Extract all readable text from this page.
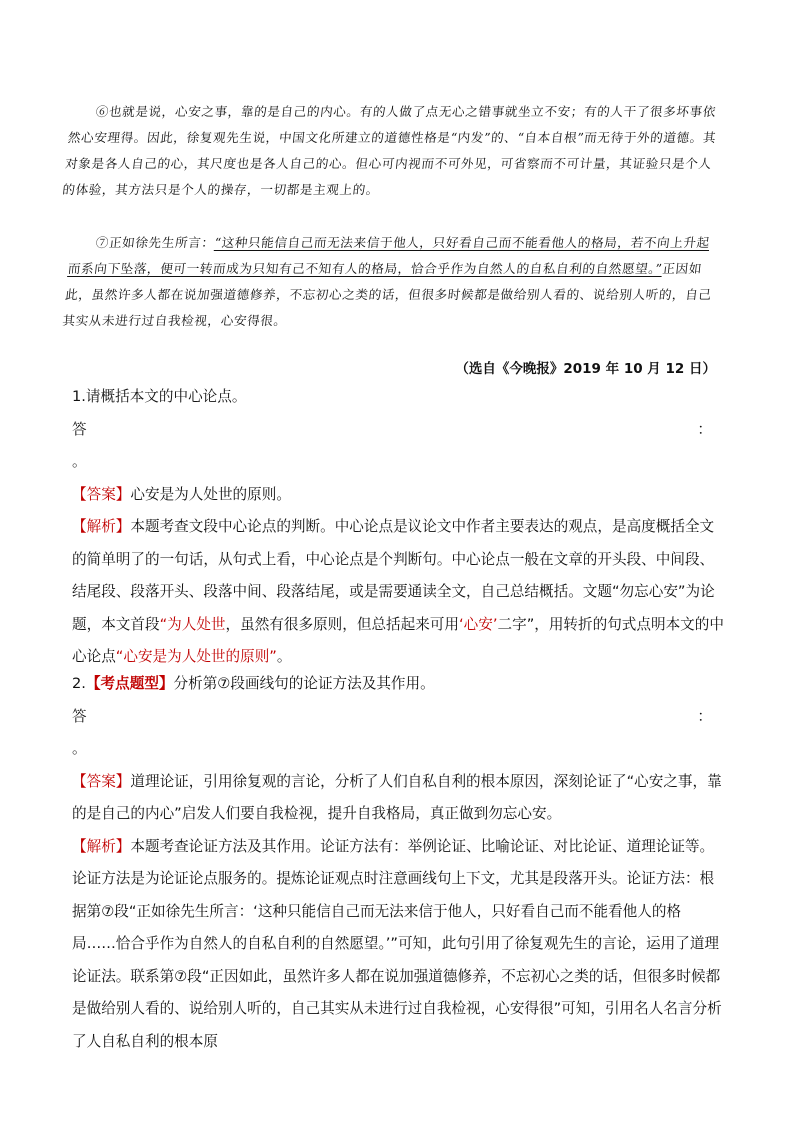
⑥也就是说，心安之事，靠的是自己的内心。有的人做了点无心之错事就坐立不安；有的人干了很多坏事依然心安理得。因此，徐复观先生说，中国文化所建立的道德性格是“内发”的、“自本自根”而无待于外的道德。其对象是各人自己的心，其尺度也是各人自己的心。但心可内视而不可外见，可省察而不可计量，其证验只是个人的体验，其方法只是个人的操存，一切都是主观上的。
⑦正如徐先生所言：“这种只能信自己而无法来信于他人，只好看自己而不能看他人的格局，若不向上升起而系向下坠落，便可一转而成为只知有己不知有人的格局，恰合乎作为自然人的自私自利的自然愿望。”正因如此，虽然许多人都在说加强道德修养，不忘初心之类的话，但很多时候都是做给别人看的、说给别人听的，自己其实从未进行过自我检视，心安得很。
（选自《今晚报》2019 年 10 月 12 日）
1.请概括本文的中心论点。
答	：
。
【答案】心安是为人处世的原则。
【解析】本题考查文段中心论点的判断。中心论点是议论文中作者主要表达的观点，是高度概括全文的简单明了的一句话，从句式上看，中心论点是个判断句。中心论点一般在文章的开头段、中间段、结尾段、段落开头、段落中间、段落结尾，或是需要通读全文，自己总结概括。文题“勿忘心安”为论题，本文首段“为人处世，虽然有很多原则，但总括起来可用‘心安’二字”，用转折的句式点明本文的中心论点“心安是为人处世的原则”。
2.【考点题型】分析第⑦段画线句的论证方法及其作用。
答	：
。
【答案】道理论证，引用徐复观的言论，分析了人们自私自利的根本原因，深刻论证了“心安之事，靠的是自己的内心”启发人们要自我检视，提升自我格局，真正做到勿忘心安。
【解析】本题考查论证方法及其作用。论证方法有：举例论证、比喻论证、对比论证、道理论证等。论证方法是为论证论点服务的。提炼论证观点时注意画线句上下文，尤其是段落开头。论证方法：根据第⑦段“正如徐先生所言：‘这种只能信自己而无法来信于他人，只好看自己而不能看他人的格局……恰合乎作为自然人的自私自利的自然愿望。’”可知，此句引用了徐复观先生的言论，运用了道理论证法。联系第⑦段“正因如此，虽然许多人都在说加强道德修养，不忘初心之类的话，但很多时候都是做给别人看的、说给别人听的，自己其实从未进行过自我检视，心安得很”可知，引用名人名言分析了人自私自利的根本原
